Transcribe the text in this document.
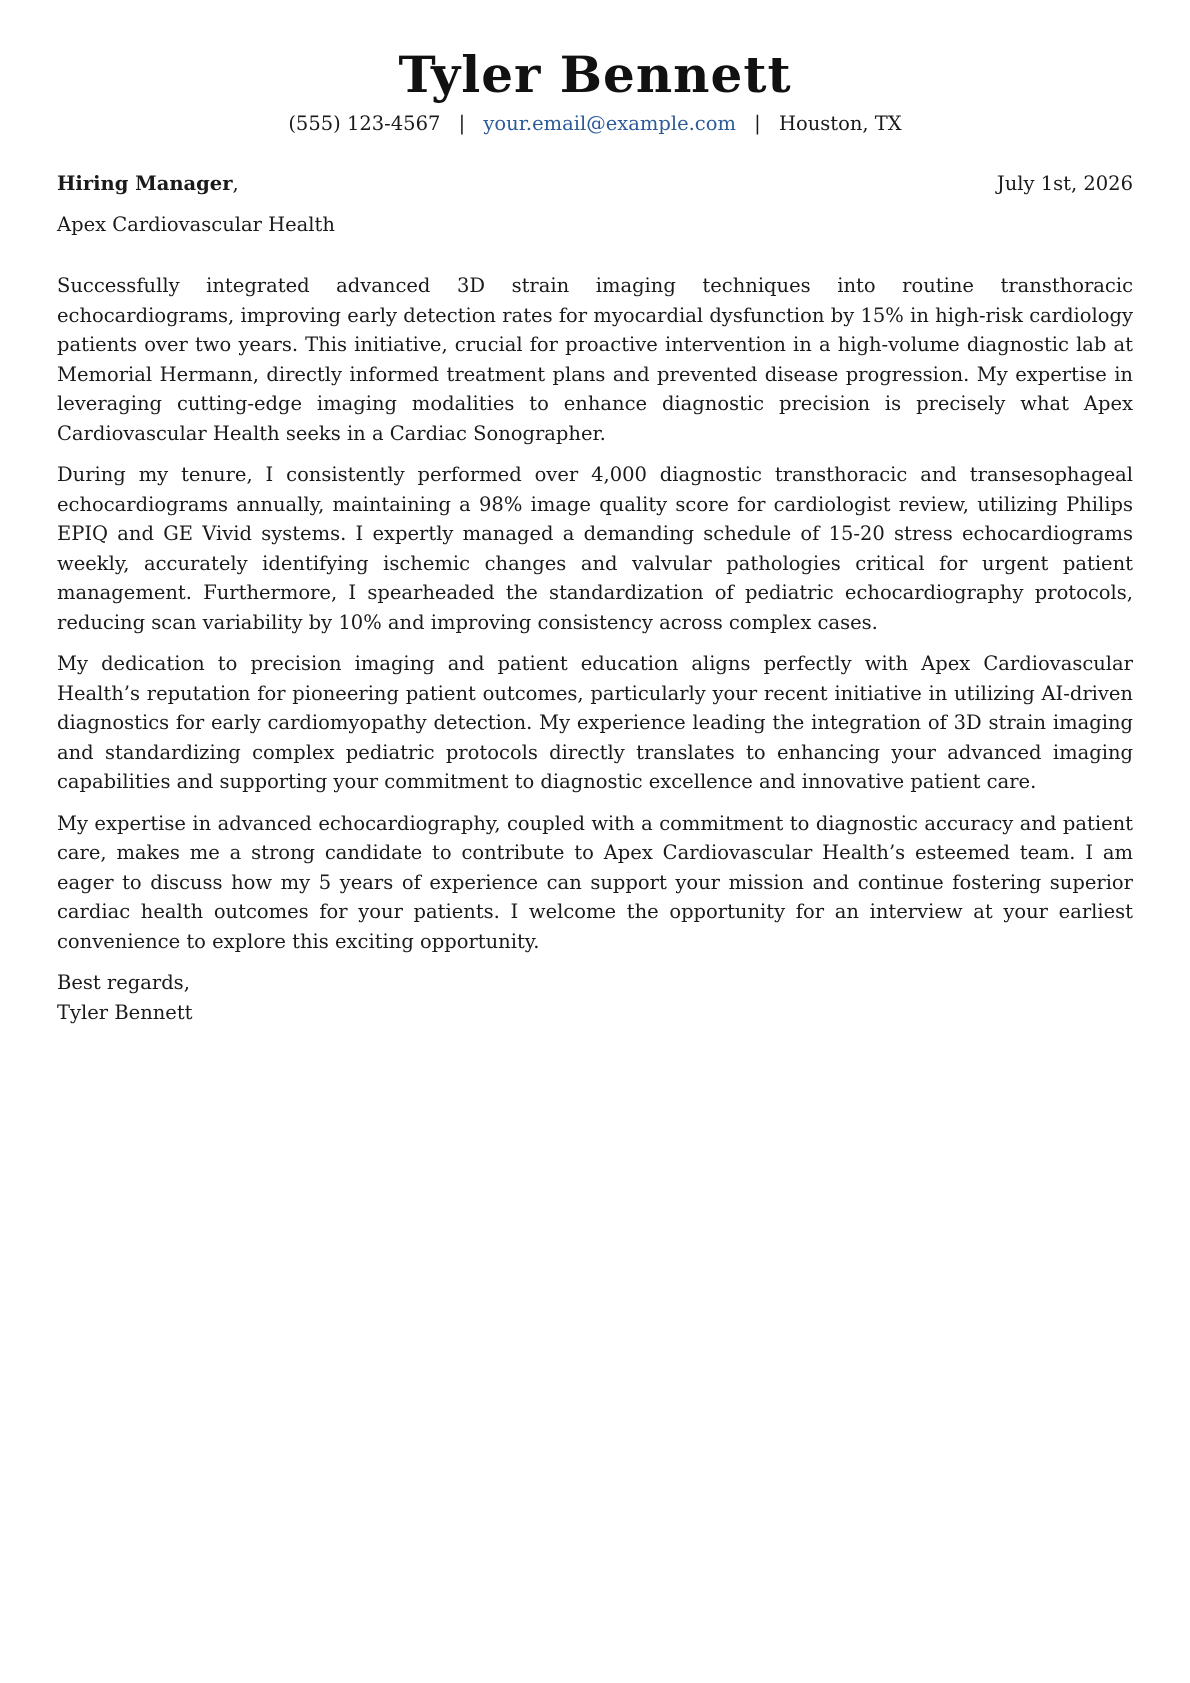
Tyler Bennett
(555) 123-4567 | your.email@example.com | Houston, TX
Hiring Manager,	July 1st, 2026
Apex Cardiovascular Health

Successfully integrated advanced 3D strain imaging techniques into routine transthoracic echocardiograms, improving early detection rates for myocardial dysfunction by 15% in high-risk cardiology patients over two years. This initiative, crucial for proactive intervention in a high-volume diagnostic lab at Memorial Hermann, directly informed treatment plans and prevented disease progression. My expertise in leveraging cutting-edge imaging modalities to enhance diagnostic precision is precisely what Apex Cardiovascular Health seeks in a Cardiac Sonographer.

During my tenure, I consistently performed over 4,000 diagnostic transthoracic and transesophageal echocardiograms annually, maintaining a 98% image quality score for cardiologist review, utilizing Philips EPIQ and GE Vivid systems. I expertly managed a demanding schedule of 15-20 stress echocardiograms weekly, accurately identifying ischemic changes and valvular pathologies critical for urgent patient management. Furthermore, I spearheaded the standardization of pediatric echocardiography protocols, reducing scan variability by 10% and improving consistency across complex cases.

My dedication to precision imaging and patient education aligns perfectly with Apex Cardiovascular Health’s reputation for pioneering patient outcomes, particularly your recent initiative in utilizing AI-driven diagnostics for early cardiomyopathy detection. My experience leading the integration of 3D strain imaging and standardizing complex pediatric protocols directly translates to enhancing your advanced imaging capabilities and supporting your commitment to diagnostic excellence and innovative patient care.

My expertise in advanced echocardiography, coupled with a commitment to diagnostic accuracy and patient care, makes me a strong candidate to contribute to Apex Cardiovascular Health’s esteemed team. I am eager to discuss how my 5 years of experience can support your mission and continue fostering superior cardiac health outcomes for your patients. I welcome the opportunity for an interview at your earliest convenience to explore this exciting opportunity.

Best regards,
Tyler Bennett
